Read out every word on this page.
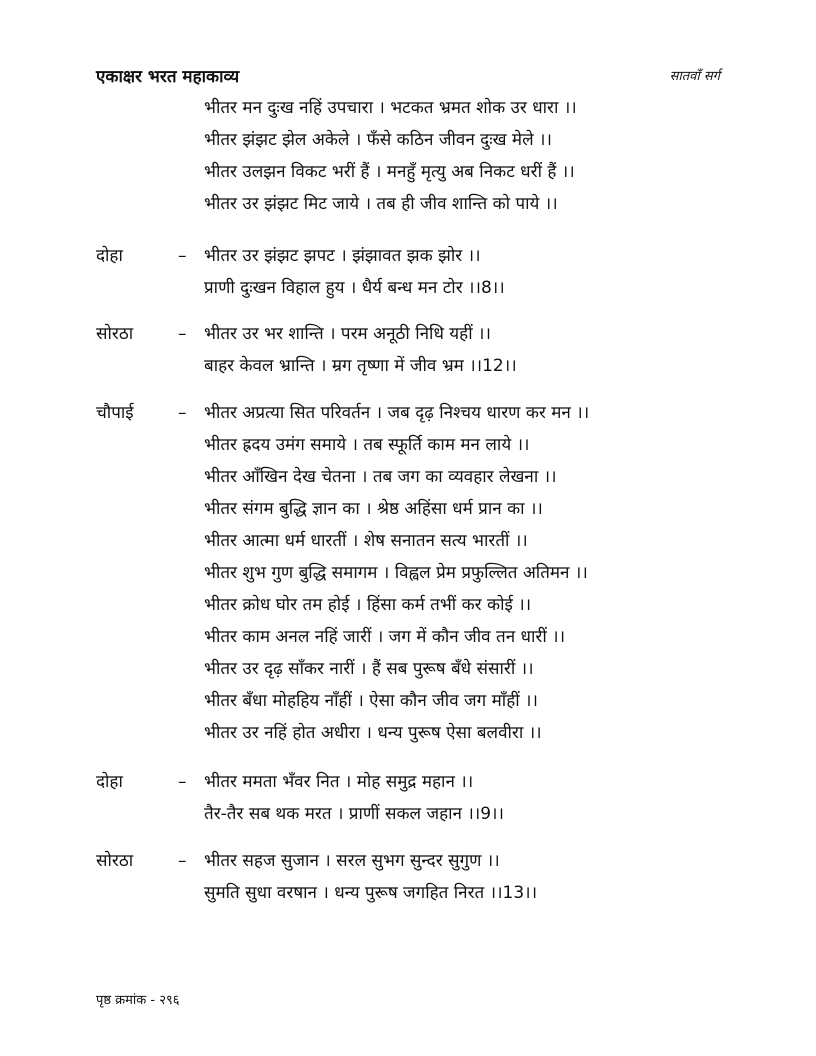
एकाक्षर भरत महाकाव्य	सातवाँ सर्ग
भीतर मन दुःख नहिं उपचारा । भटकत भ्रमत शोक उर धारा ।।
भीतर झंझट झेल अकेले । फँसे कठिन जीवन दुःख मेले ।।
भीतर उलझन विकट भरीं हैं । मनहुँ मृत्यु अब निकट धरीं हैं ।।
भीतर उर झंझट मिट जाये । तब ही जीव शान्ति को पाये ।।
दोहा	– भीतर उर झंझट झपट । झंझावत झक झोर ।।
प्राणी दुःखन विहाल हुय । धैर्य बन्ध मन टोर ।।8।।
सोरठा	– भीतर उर भर शान्ति । परम अनूठी निधि यहीं ।।
बाहर केवल भ्रान्ति । म्रग तृष्णा में जीव भ्रम ।।12।।
चौपाई	– भीतर अप्रत्या सित परिवर्तन । जब दृढ़ निश्चय धारण कर मन ।।
भीतर ह्रदय उमंग समाये । तब स्फूर्ति काम मन लाये ।।
भीतर आँखिन देख चेतना । तब जग का व्यवहार लेखना ।।
भीतर संगम बुद्धि ज्ञान का । श्रेष्ठ अहिंसा धर्म प्रान का ।।
भीतर आत्मा धर्म धारतीं । शेष सनातन सत्य भारतीं ।।
भीतर शुभ गुण बुद्धि समागम । विह्वल प्रेम प्रफुल्लित अतिमन ।।
भीतर क्रोध घोर तम होई । हिंसा कर्म तभीं कर कोई ।।
भीतर काम अनल नहिं जारीं । जग में कौन जीव तन धारीं ।।
भीतर उर दृढ़ साँकर नारीं । हैं सब पुरूष बँधे संसारीं ।।
भीतर बँधा मोहहिय नाँहीं । ऐसा कौन जीव जग माँहीं ।।
भीतर उर नहिं होत अधीरा । धन्य पुरूष ऐसा बलवीरा ।।
दोहा	– भीतर ममता भँवर नित । मोह समुद्र महान ।।
तैर-तैर सब थक मरत । प्राणीं सकल जहान ।।9।।
सोरठा	– भीतर सहज सुजान । सरल सुभग सुन्दर सुगुण ।।
सुमति सुधा वरषान । धन्य पुरूष जगहित निरत ।।13।।
पृष्ठ क्रमांक - २९६
